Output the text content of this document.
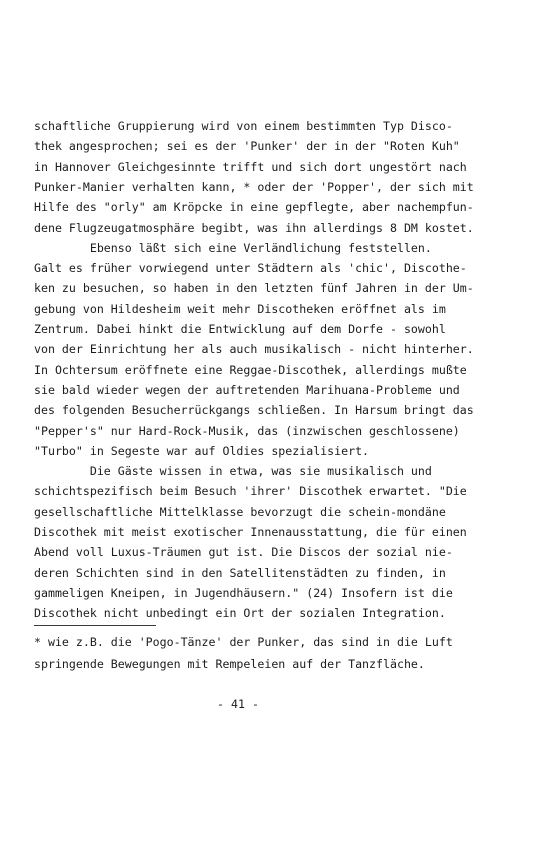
schaftliche Gruppierung wird von einem bestimmten Typ Disco-
thek angesprochen; sei es der 'Punker' der in der "Roten Kuh"
in Hannover Gleichgesinnte trifft und sich dort ungestört nach
Punker-Manier verhalten kann, * oder der 'Popper', der sich mit
Hilfe des "orly" am Kröpcke in eine gepflegte, aber nachempfun-
dene Flugzeugatmosphäre begibt, was ihn allerdings 8 DM kostet.
Ebenso läßt sich eine Verländlichung feststellen.
Galt es früher vorwiegend unter Städtern als 'chic', Discothe-
ken zu besuchen, so haben in den letzten fünf Jahren in der Um-
gebung von Hildesheim weit mehr Discotheken eröffnet als im
Zentrum. Dabei hinkt die Entwicklung auf dem Dorfe - sowohl
von der Einrichtung her als auch musikalisch - nicht hinterher.
In Ochtersum eröffnete eine Reggae-Discothek, allerdings mußte
sie bald wieder wegen der auftretenden Marihuana-Probleme und
des folgenden Besucherrückgangs schließen. In Harsum bringt das
"Pepper's" nur Hard-Rock-Musik, das (inzwischen geschlossene)
"Turbo" in Segeste war auf Oldies spezialisiert.
Die Gäste wissen in etwa, was sie musikalisch und
schichtspezifisch beim Besuch 'ihrer' Discothek erwartet. "Die
gesellschaftliche Mittelklasse bevorzugt die schein-mondäne
Discothek mit meist exotischer Innenausstattung, die für einen
Abend voll Luxus-Träumen gut ist. Die Discos der sozial nie-
deren Schichten sind in den Satellitenstädten zu finden, in
gammeligen Kneipen, in Jugendhäusern." (24) Insofern ist die
Discothek nicht unbedingt ein Ort der sozialen Integration.
* wie z.B. die 'Pogo-Tänze' der Punker, das sind in die Luft
springende Bewegungen mit Rempeleien auf der Tanzfläche.
- 41 -
